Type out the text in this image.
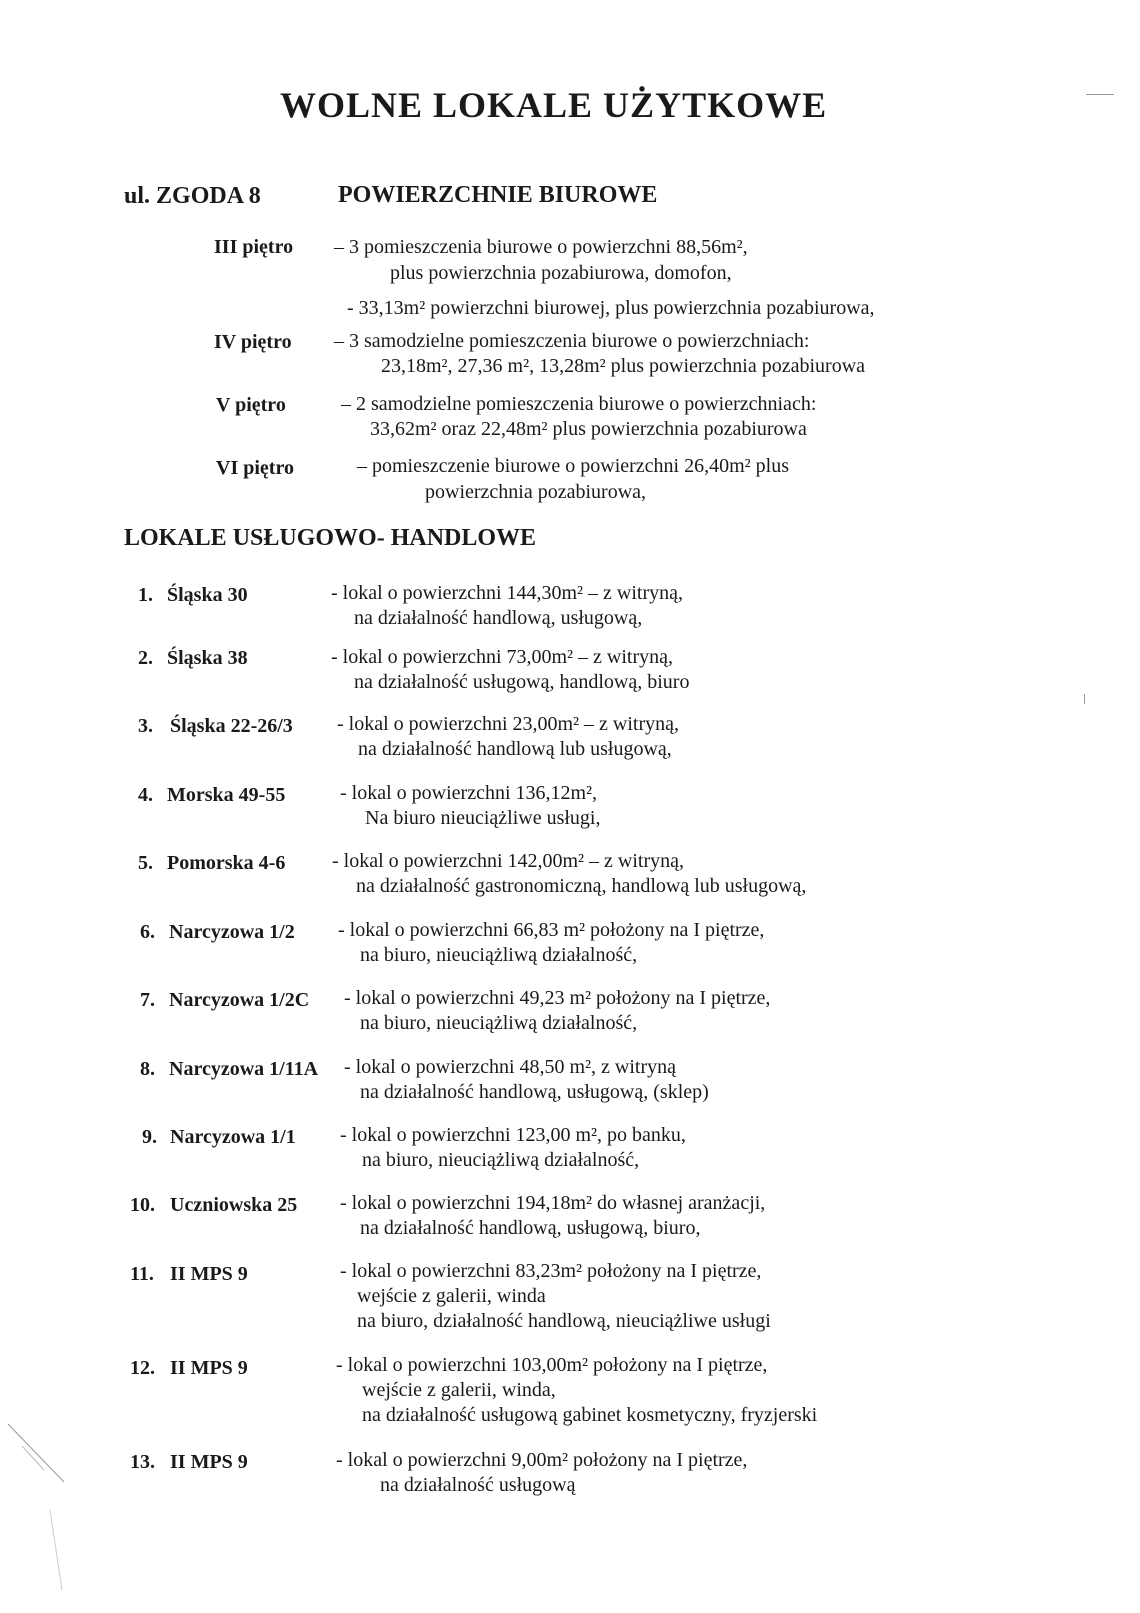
WOLNE LOKALE UŻYTKOWE
ul. ZGODA 8	POWIERZCHNIE BIUROWE
III piętro – 3 pomieszczenia biurowe o powierzchni 88,56m²,
plus powierzchnia pozabiurowa, domofon,
- 33,13m² powierzchni biurowej, plus powierzchnia pozabiurowa,
IV piętro – 3 samodzielne pomieszczenia biurowe o powierzchniach:
23,18m², 27,36 m², 13,28m² plus powierzchnia pozabiurowa
V piętro	– 2 samodzielne pomieszczenia biurowe o powierzchniach:
33,62m² oraz 22,48m² plus powierzchnia pozabiurowa
VI piętro	– pomieszczenie biurowe o powierzchni 26,40m² plus
powierzchnia pozabiurowa,
LOKALE USŁUGOWO- HANDLOWE
1. Śląska 30	- lokal o powierzchni 144,30m² – z witryną,
na działalność handlową, usługową,
2. Śląska 38	- lokal o powierzchni 73,00m² – z witryną,
na działalność usługową, handlową, biuro
3. Śląska 22-26/3 - lokal o powierzchni 23,00m² – z witryną,
na działalność handlową lub usługową,
4. Morska 49-55	- lokal o powierzchni 136,12m²,
Na biuro nieuciążliwe usługi,
5. Pomorska 4-6 - lokal o powierzchni 142,00m² – z witryną,
na działalność gastronomiczną, handlową lub usługową,
6. Narcyzowa 1/2 - lokal o powierzchni 66,83 m² położony na I piętrze,
na biuro, nieuciążliwą działalność,
7. Narcyzowa 1/2C - lokal o powierzchni 49,23 m² położony na I piętrze,
na biuro, nieuciążliwą działalność,
8. Narcyzowa 1/11A - lokal o powierzchni 48,50 m², z witryną
na działalność handlową, usługową, (sklep)
9. Narcyzowa 1/1 - lokal o powierzchni 123,00 m², po banku,
na biuro, nieuciążliwą działalność,
10. Uczniowska 25 - lokal o powierzchni 194,18m² do własnej aranżacji,
na działalność handlową, usługową, biuro,
11. II MPS 9	- lokal o powierzchni 83,23m² położony na I piętrze,
wejście z galerii, winda
na biuro, działalność handlową, nieuciążliwe usługi
12. II MPS 9	- lokal o powierzchni 103,00m² położony na I piętrze,
wejście z galerii, winda,
na działalność usługową gabinet kosmetyczny, fryzjerski
13. II MPS 9	- lokal o powierzchni 9,00m² położony na I piętrze,
na działalność usługową
